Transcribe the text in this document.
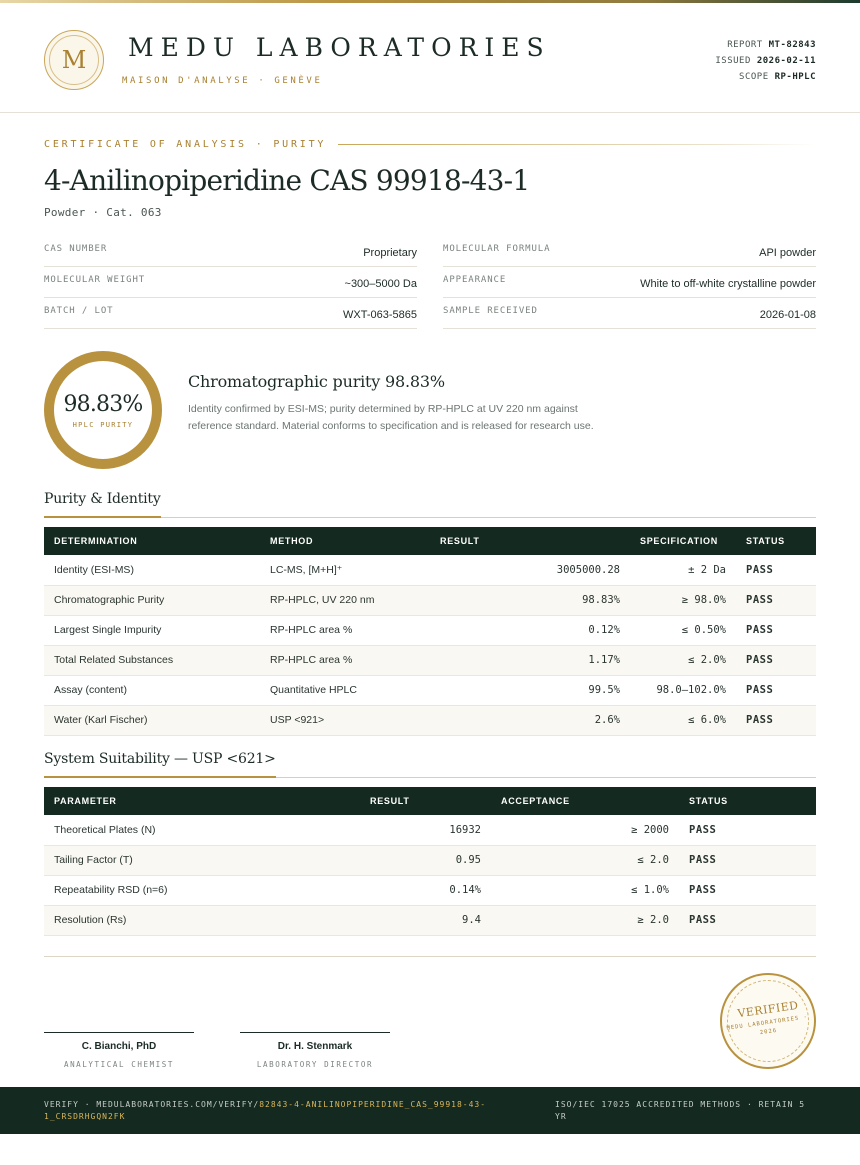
M	MEDU LABORATORIES
MAISON D'ANALYSE · GENÈVE
REPORT MT-82843
ISSUED 2026-02-11
SCOPE RP-HPLC
CERTIFICATE OF ANALYSIS · PURITY
4-Anilinopiperidine CAS 99918-43-1
Powder · Cat. 063
CAS NUMBER	Proprietary	MOLECULAR FORMULA	API powder
MOLECULAR WEIGHT	~300–5000 Da	APPEARANCE	White to off-white crystalline powder
BATCH / LOT	WXT-063-5865	SAMPLE RECEIVED	2026-01-08
98.83%
HPLC PURITY
Chromatographic purity 98.83%
Identity confirmed by ESI-MS; purity determined by RP-HPLC at UV 220 nm against reference standard. Material conforms to specification and is released for research use.
Purity & Identity
DETERMINATION	METHOD	RESULT	SPECIFICATION	STATUS
Identity (ESI-MS)	LC-MS, [M+H]⁺	3005000.28	± 2 Da	PASS
Chromatographic Purity	RP-HPLC, UV 220 nm	98.83%	≥ 98.0%	PASS
Largest Single Impurity	RP-HPLC area %	0.12%	≤ 0.50%	PASS
Total Related Substances	RP-HPLC area %	1.17%	≤ 2.0%	PASS
Assay (content)	Quantitative HPLC	99.5%	98.0–102.0%	PASS
Water (Karl Fischer)	USP <921>	2.6%	≤ 6.0%	PASS
System Suitability — USP <621>
PARAMETER	RESULT	ACCEPTANCE	STATUS
Theoretical Plates (N)	16932	≥ 2000	PASS
Tailing Factor (T)	0.95	≤ 2.0	PASS
Repeatability RSD (n=6)	0.14%	≤ 1.0%	PASS
Resolution (Rs)	9.4	≥ 2.0	PASS
C. Bianchi, PhD
ANALYTICAL CHEMIST
Dr. H. Stenmark
LABORATORY DIRECTOR
VERIFIED
MEDU LABORATORIES · 2026
VERIFY · MEDULABORATORIES.COM/VERIFY/82843-4-ANILINOPIPERIDINE_CAS_99918-43-1_CRSDRHGQN2FK
ISO/IEC 17025 ACCREDITED METHODS · RETAIN 5 YR
